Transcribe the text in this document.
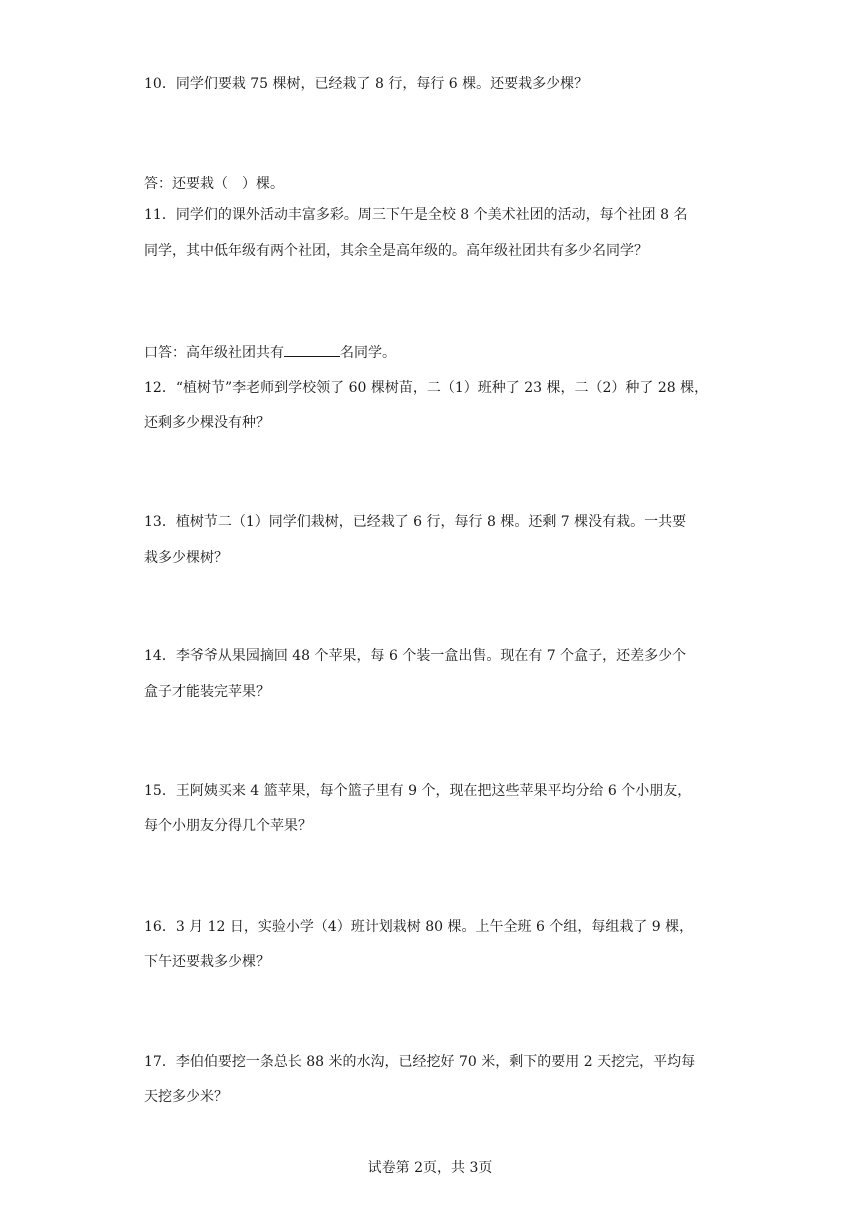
10．同学们要栽 75 棵树，已经栽了 8 行，每行 6 棵。还要栽多少棵？
答：还要栽（　）棵。
11．同学们的课外活动丰富多彩。周三下午是全校 8 个美术社团的活动，每个社团 8 名
同学，其中低年级有两个社团，其余全是高年级的。高年级社团共有多少名同学？
口答：高年级社团共有	名同学。
12．“植树节”李老师到学校领了 60 棵树苗，二（1）班种了 23 棵，二（2）种了 28 棵，
还剩多少棵没有种？
13．植树节二（1）同学们栽树，已经栽了 6 行，每行 8 棵。还剩 7 棵没有栽。一共要
栽多少棵树？
14．李爷爷从果园摘回 48 个苹果，每 6 个装一盒出售。现在有 7 个盒子，还差多少个
盒子才能装完苹果？
15．王阿姨买来 4 篮苹果，每个篮子里有 9 个，现在把这些苹果平均分给 6 个小朋友，
每个小朋友分得几个苹果？
16．3 月 12 日，实验小学（4）班计划栽树 80 棵。上午全班 6 个组，每组栽了 9 棵，
下午还要栽多少棵？
17．李伯伯要挖一条总长 88 米的水沟，已经挖好 70 米，剩下的要用 2 天挖完，平均每
天挖多少米？
试卷第 2页，共 3页
